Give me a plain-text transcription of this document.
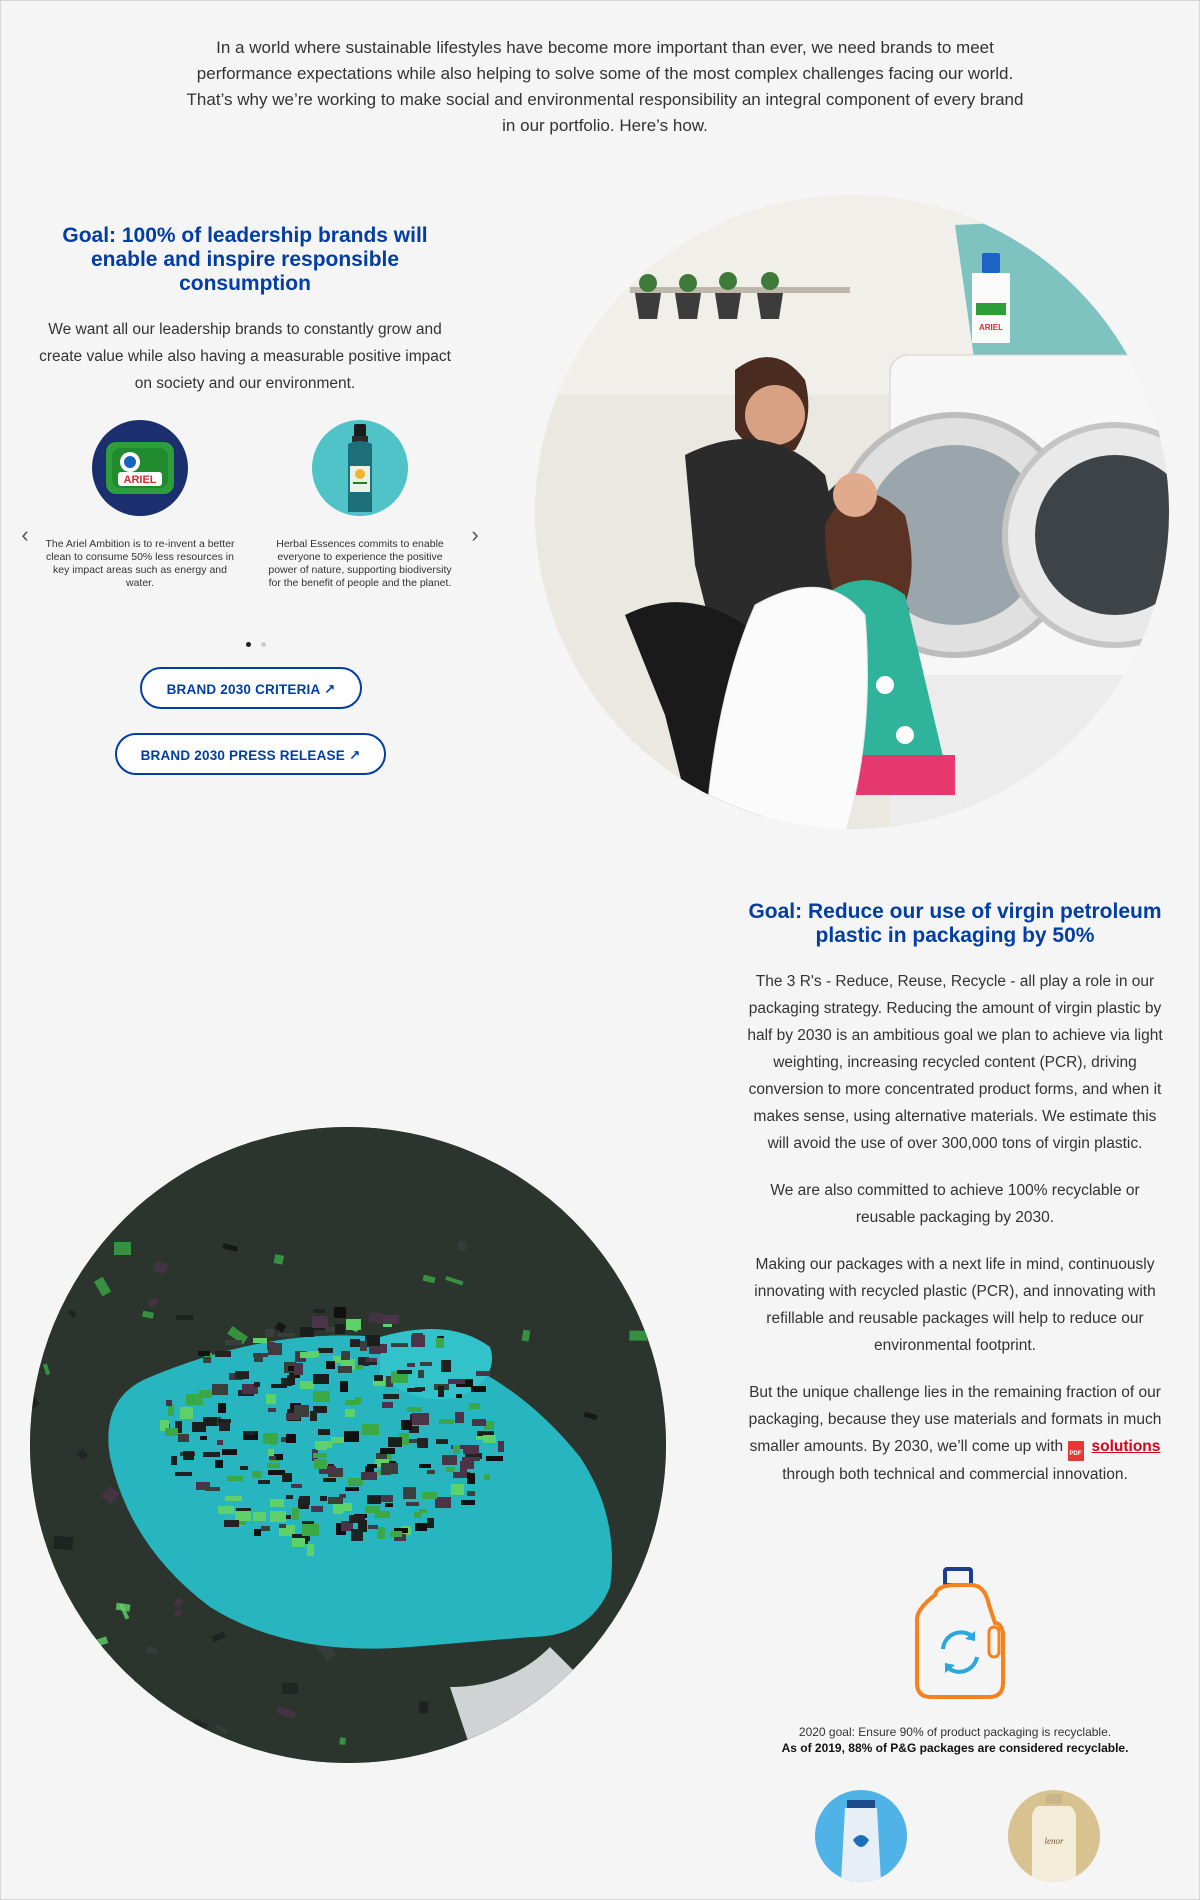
In a world where sustainable lifestyles have become more important than ever, we need brands to meet performance expectations while also helping to solve some of the most complex challenges facing our world. That’s why we’re working to make social and environmental responsibility an integral component of every brand in our portfolio. Here’s how.

Goal: 100% of leadership brands will enable and inspire responsible consumption

We want all our leadership brands to constantly grow and create value while also having a measurable positive impact on society and our environment.

‹
ARIEL
The Ariel Ambition is to re-invent a better clean to consume 50% less resources in key impact areas such as energy and water.
Herbal Essences commits to enable everyone to experience the positive power of nature, supporting biodiversity for the benefit of people and the planet.
›
BRAND 2030 CRITERIA ↗
BRAND 2030 PRESS RELEASE ↗
ARIEL
Goal: Reduce our use of virgin petroleum plastic in packaging by 50%

The 3 R's - Reduce, Reuse, Recycle - all play a role in our packaging strategy. Reducing the amount of virgin plastic by half by 2030 is an ambitious goal we plan to achieve via light weighting, increasing recycled content (PCR), driving conversion to more concentrated product forms, and when it makes sense, using alternative materials. We estimate this will avoid the use of over 300,000 tons of virgin plastic.

We are also committed to achieve 100% recyclable or reusable packaging by 2030.

Making our packages with a next life in mind, continuously innovating with recycled plastic (PCR), and innovating with refillable and reusable packages will help to reduce our environmental footprint.

But the unique challenge lies in the remaining fraction of our packaging, because they use materials and formats in much smaller amounts. By 2030, we’ll come up with PDF solutions through both technical and commercial innovation.

2020 goal: Ensure 90% of product packaging is recyclable.
As of 2019, 88% of P&G packages are considered recyclable.
lenor
